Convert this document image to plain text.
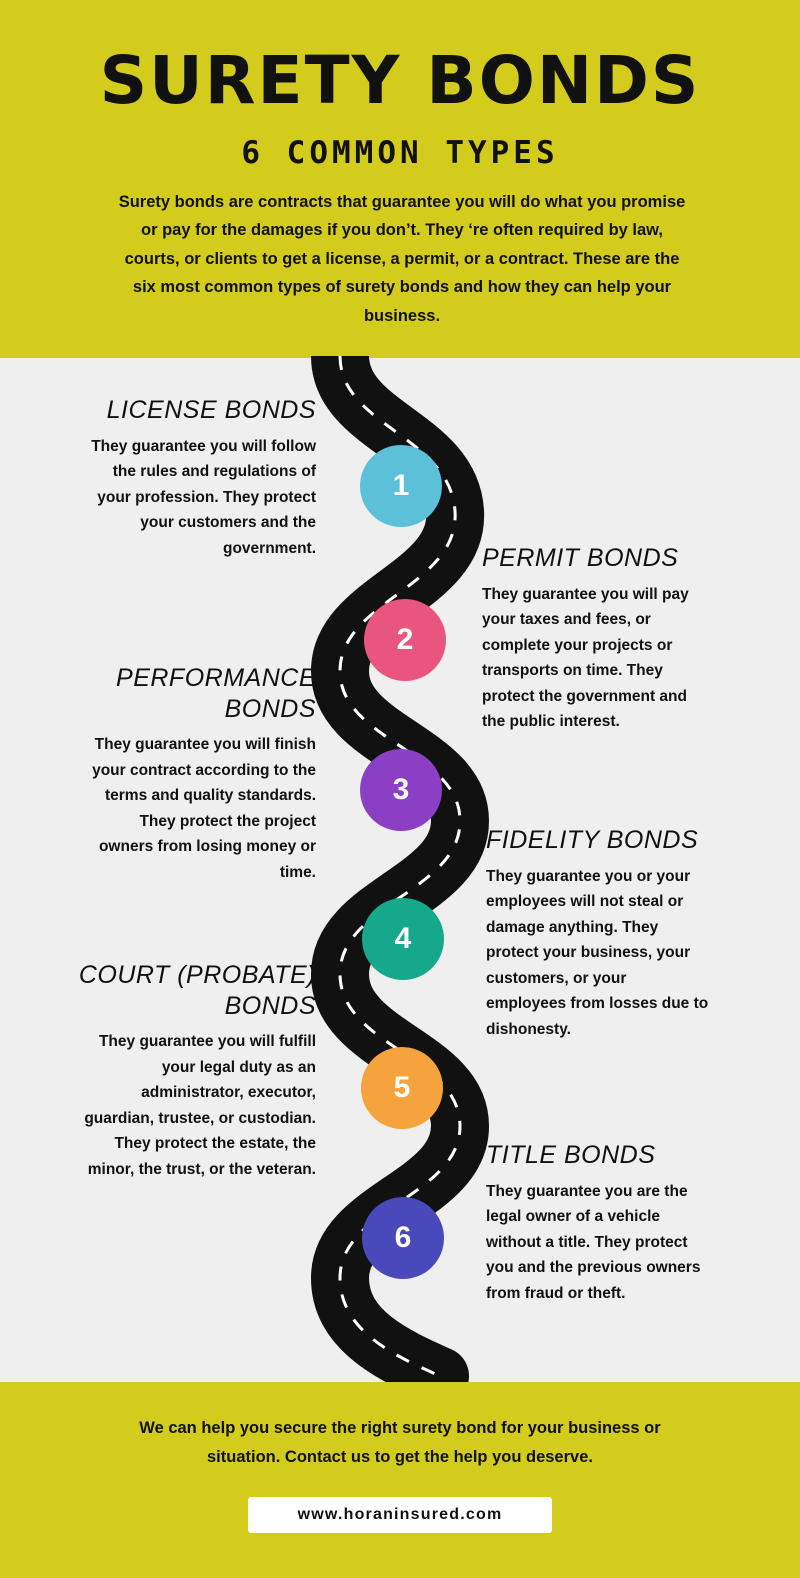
SURETY BONDS
6 COMMON TYPES
Surety bonds are contracts that guarantee you will do what you promise or pay for the damages if you don’t. They ‘re often required by law, courts, or clients to get a license, a permit, or a contract. These are the six most common types of surety bonds and how they can help your business.
1
2
3
4
5
6
LICENSE BONDS

They guarantee you will follow the rules and regulations of your profession. They protect your customers and the government.	PERMIT BONDS

They guarantee you will pay your taxes and fees, or complete your projects or transports on time. They protect the government and the public interest.

PERFORMANCE BONDS

They guarantee you will finish your contract according to the terms and quality standards. They protect the project owners from losing money or time.

FIDELITY BONDS

They guarantee you or your employees will not steal or damage anything. They protect your business, your customers, or your employees from losses due to dishonesty.

COURT (PROBATE) BONDS

They guarantee you will fulfill your legal duty as an administrator, executor, guardian, trustee, or custodian. They protect the estate, the minor, the trust, or the veteran.

TITLE BONDS

They guarantee you are the legal owner of a vehicle without a title. They protect you and the previous owners from fraud or theft.

We can help you secure the right surety bond for your business or situation. Contact us to get the help you deserve.
www.horaninsured.com
